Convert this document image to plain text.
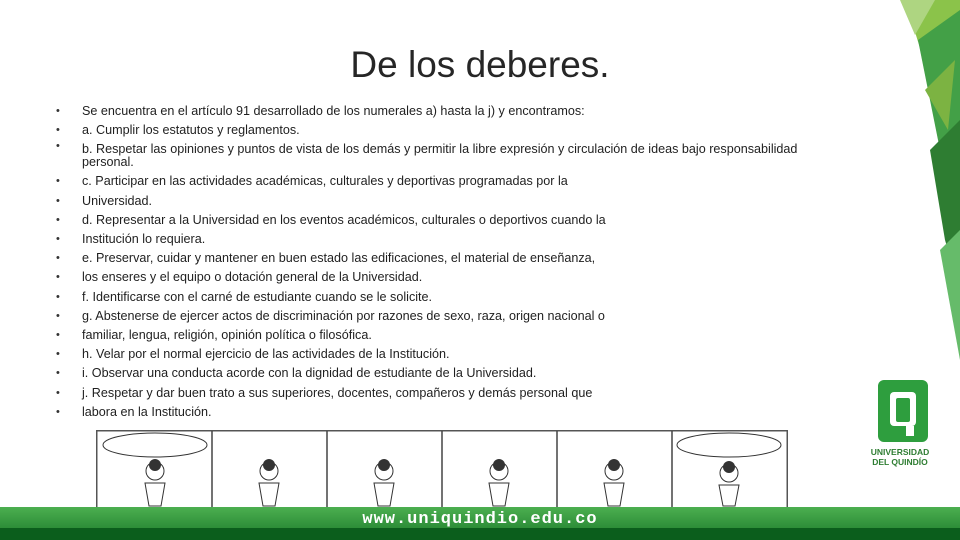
De los deberes.
• Se encuentra en el artículo 91 desarrollado de los numerales a) hasta la j) y encontramos:
• a. Cumplir los estatutos y reglamentos.
• b. Respetar las opiniones y puntos de vista de los demás y permitir la libre expresión y circulación de ideas bajo responsabilidad personal.
• c. Participar en las actividades académicas, culturales y deportivas programadas por la
• Universidad.
• d. Representar a la Universidad en los eventos académicos, culturales o deportivos cuando la
• Institución lo requiera.
• e. Preservar, cuidar y mantener en buen estado las edificaciones, el material de enseñanza,
• los enseres y el equipo o dotación general de la Universidad.
• f. Identificarse con el carné de estudiante cuando se le solicite.
• g. Abstenerse de ejercer actos de discriminación por razones de sexo, raza, origen nacional o
• familiar, lengua, religión, opinión política o filosófica.
• h. Velar por el normal ejercicio de las actividades de la Institución.
• i. Observar una conducta acorde con la dignidad de estudiante de la Universidad.
• j. Respetar y dar buen trato a sus superiores, docentes, compañeros y demás personal que
• labora en la Institución.
UNIVERSIDAD
DEL QUINDÍO
www.uniquindio.edu.co
